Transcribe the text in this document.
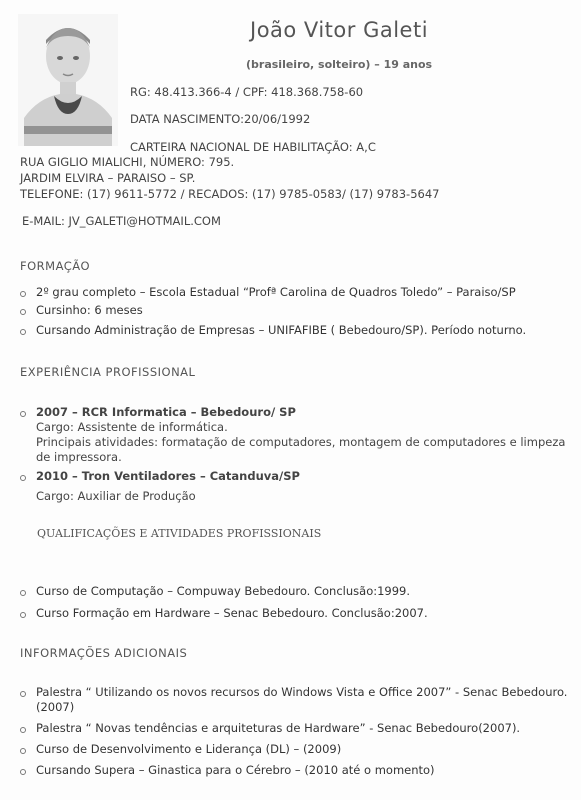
João Vitor Galeti
(brasileiro, solteiro) – 19 anos
RG: 48.413.366-4 / CPF: 418.368.758-60
DATA NASCIMENTO:20/06/1992
CARTEIRA NACIONAL DE HABILITAÇÃO: A,C
RUA GIGLIO MIALICHI, NÚMERO: 795.
JARDIM ELVIRA – PARAISO – SP.
TELEFONE: (17) 9611-5772 / RECADOS: (17) 9785-0583/ (17) 9783-5647
E-MAIL: JV_GALETI@HOTMAIL.COM
FORMAÇÃO
2º grau completo – Escola Estadual “Profª Carolina de Quadros Toledo” – Paraiso/SP
Cursinho: 6 meses
Cursando Administração de Empresas – UNIFAFIBE ( Bebedouro/SP). Período noturno.
EXPERIÊNCIA PROFISSIONAL
2007 – RCR Informatica – Bebedouro/ SP
Cargo: Assistente de informática.
Principais atividades: formatação de computadores, montagem de computadores e limpeza
de impressora.
2010 – Tron Ventiladores – Catanduva/SP
Cargo: Auxiliar de Produção
QUALIFICAÇÕES E ATIVIDADES PROFISSIONAIS
Curso de Computação – Compuway Bebedouro. Conclusão:1999.
Curso Formação em Hardware – Senac Bebedouro. Conclusão:2007.
INFORMAÇÕES ADICIONAIS
Palestra “ Utilizando os novos recursos do Windows Vista e Office 2007” - Senac Bebedouro.
(2007)
Palestra “ Novas tendências e arquiteturas de Hardware” - Senac Bebedouro(2007).
Curso de Desenvolvimento e Liderança (DL) – (2009)
Cursando Supera – Ginastica para o Cérebro – (2010 até o momento)
